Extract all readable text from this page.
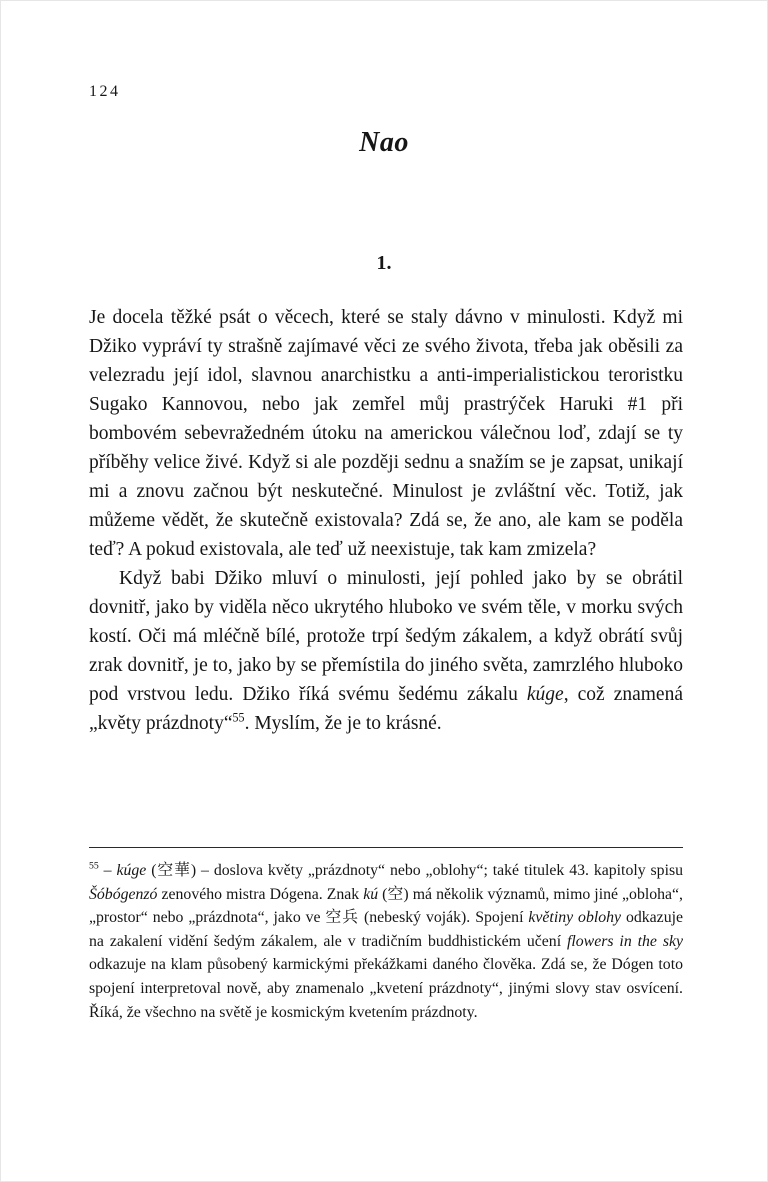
124
Nao
1.

Je docela těžké psát o věcech, které se staly dávno v minulosti. Když mi Džiko vypráví ty strašně zajímavé věci ze svého života, třeba jak oběsili za velezradu její idol, slavnou anarchistku a anti-imperialistickou teroristku Sugako Kannovou, nebo jak zemřel můj prastrýček Haruki #1 při bombovém sebevražedném útoku na americkou válečnou loď, zdají se ty příběhy velice živé. Když si ale později sednu a snažím se je zapsat, unikají mi a znovu začnou být neskutečné. Minulost je zvláštní věc. Totiž, jak můžeme vědět, že skutečně existovala? Zdá se, že ano, ale kam se poděla teď? A pokud existovala, ale teď už neexistuje, tak kam zmizela?

Když babi Džiko mluví o minulosti, její pohled jako by se obrátil dovnitř, jako by viděla něco ukrytého hluboko ve svém těle, v morku svých kostí. Oči má mléčně bílé, protože trpí šedým zákalem, a když obrátí svůj zrak dovnitř, je to, jako by se přemístila do jiného světa, zamrzlého hluboko pod vrstvou ledu. Džiko říká svému šedému zákalu kúge, což znamená „květy prázdnoty“$^{55}$. Myslím, že je to krásné.

$^{55}$ – kúge (空華) – doslova květy „prázdnoty“ nebo „oblohy“; také titulek 43. kapitoly spisu Šóbógenzó zenového mistra Dógena. Znak kú (空) má několik významů, mimo jiné „obloha“, „prostor“ nebo „prázdnota“, jako ve 空兵 (nebeský voják). Spojení květiny oblohy odkazuje na zakalení vidění šedým zákalem, ale v tradičním buddhistickém učení flowers in the sky odkazuje na klam působený karmickými překážkami daného člověka. Zdá se, že Dógen toto spojení interpretoval nově, aby znamenalo „kvetení prázdnoty“, jinými slovy stav osvícení. Říká, že všechno na světě je kosmickým kvetením prázdnoty.
